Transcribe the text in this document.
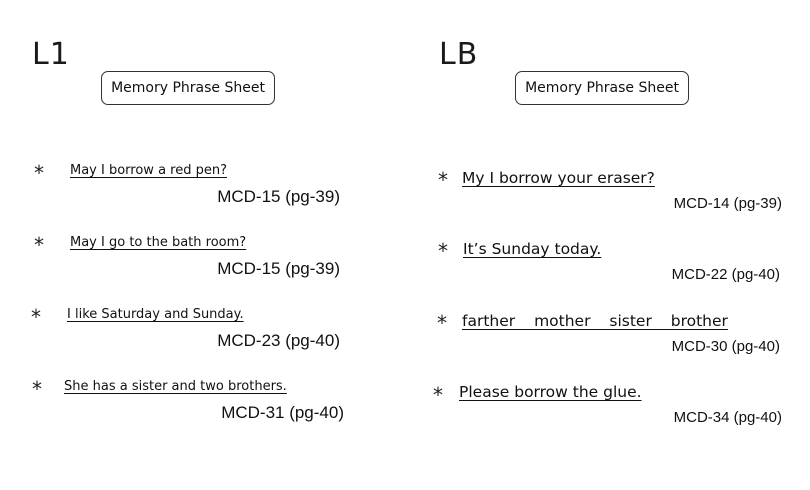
L1
Memory Phrase Sheet
* May I borrow a red pen?
MCD-15 (pg-39)
* May I go to the bath room?
MCD-15 (pg-39)
* I like Saturday and Sunday.
MCD-23 (pg-40)
* She has a sister and two brothers.
MCD-31 (pg-40)
LB
Memory Phrase Sheet
* My I borrow your eraser?
MCD-14 (pg-39)
* It’s Sunday today.
MCD-22 (pg-40)
* farther mother sister brother
MCD-30 (pg-40)
* Please borrow the glue.
MCD-34 (pg-40)
